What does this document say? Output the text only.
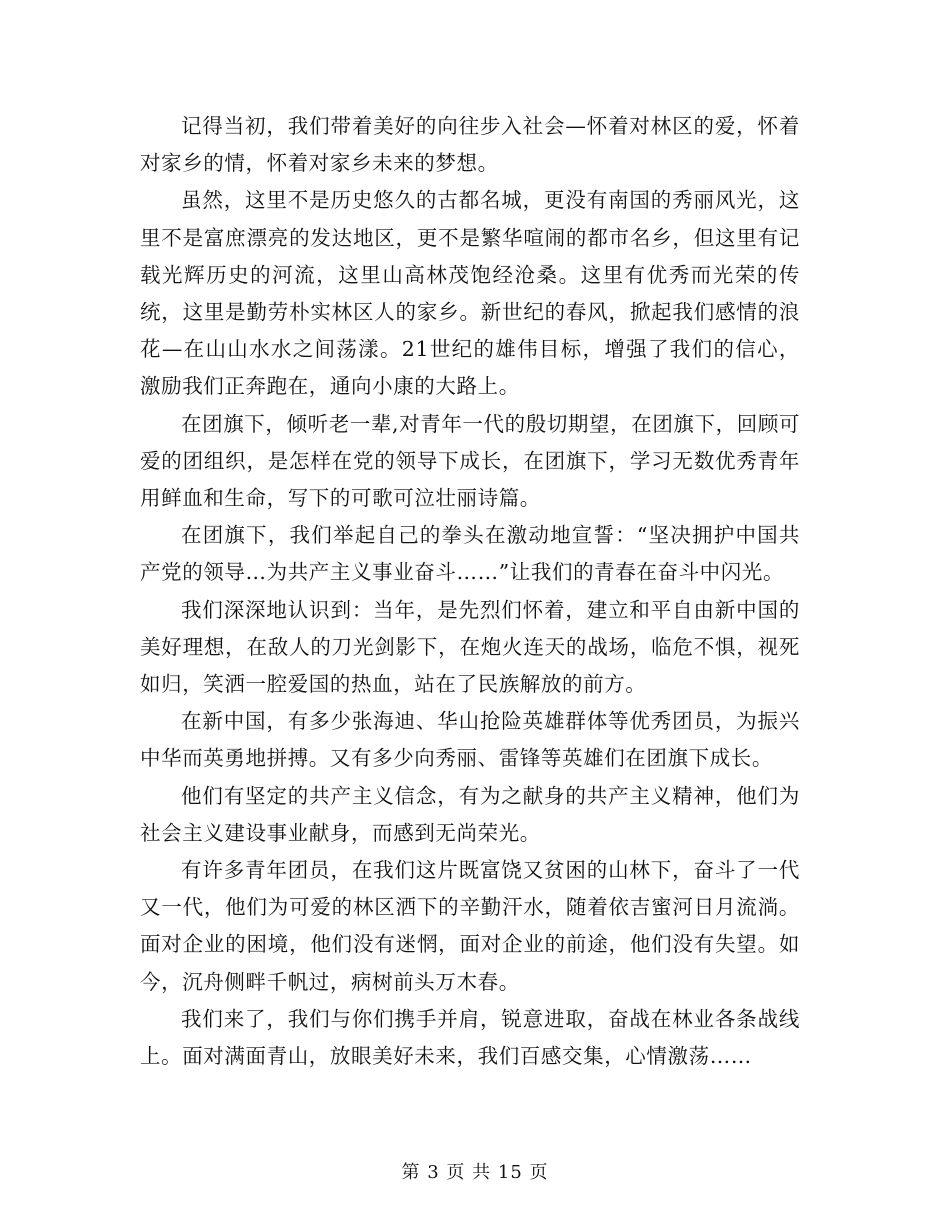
记得当初，我们带着美好的向往步入社会—怀着对林区的爱，怀着对家乡的情，怀着对家乡未来的梦想。

虽然，这里不是历史悠久的古都名城，更没有南国的秀丽风光，这里不是富庶漂亮的发达地区，更不是繁华喧闹的都市名乡，但这里有记载光辉历史的河流，这里山高林茂饱经沧桑。这里有优秀而光荣的传统，这里是勤劳朴实林区人的家乡。新世纪的春风，掀起我们感情的浪花—在山山水水之间荡漾。21世纪的雄伟目标，增强了我们的信心，激励我们正奔跑在，通向小康的大路上。

在团旗下，倾听老一辈,对青年一代的殷切期望，在团旗下，回顾可爱的团组织，是怎样在党的领导下成长，在团旗下，学习无数优秀青年用鲜血和生命，写下的可歌可泣壮丽诗篇。

在团旗下，我们举起自己的拳头在激动地宣誓：“坚决拥护中国共产党的领导…为共产主义事业奋斗……”让我们的青春在奋斗中闪光。

我们深深地认识到：当年，是先烈们怀着，建立和平自由新中国的美好理想，在敌人的刀光剑影下，在炮火连天的战场，临危不惧，视死如归，笑洒一腔爱国的热血，站在了民族解放的前方。

在新中国，有多少张海迪、华山抢险英雄群体等优秀团员，为振兴中华而英勇地拼搏。又有多少向秀丽、雷锋等英雄们在团旗下成长。

他们有坚定的共产主义信念，有为之献身的共产主义精神，他们为社会主义建设事业献身，而感到无尚荣光。

有许多青年团员，在我们这片既富饶又贫困的山林下，奋斗了一代又一代，他们为可爱的林区洒下的辛勤汗水，随着依吉蜜河日月流淌。面对企业的困境，他们没有迷惘，面对企业的前途，他们没有失望。如今，沉舟侧畔千帆过，病树前头万木春。

我们来了，我们与你们携手并肩，锐意进取，奋战在林业各条战线上。面对满面青山，放眼美好未来，我们百感交集，心情激荡……

第 3 页 共 15 页
